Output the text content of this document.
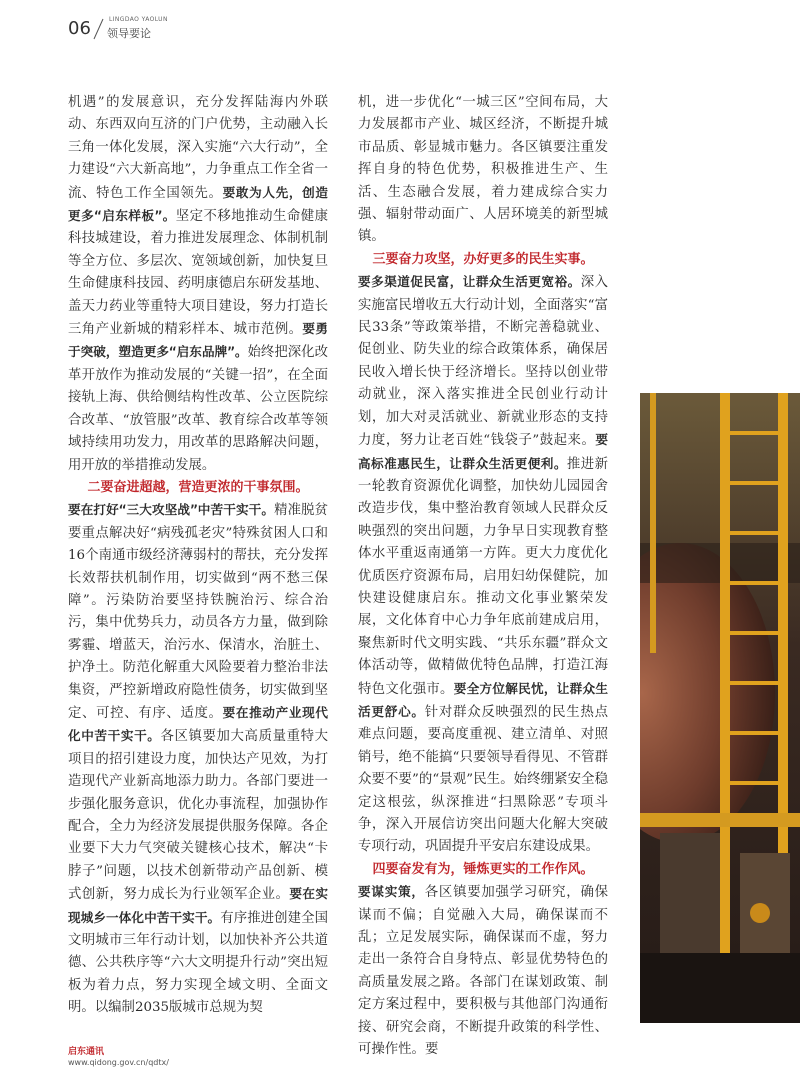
06	LINGDAO YAOLUN
领导要论

机遇”的发展意识，充分发挥陆海内外联动、东西双向互济的门户优势，主动融入长三角一体化发展，深入实施“六大行动”，全力建设“六大新高地”，力争重点工作全省一流、特色工作全国领先。要敢为人先，创造更多“启东样板”。坚定不移地推动生命健康科技城建设，着力推进发展理念、体制机制等全方位、多层次、宽领域创新，加快复旦生命健康科技园、药明康德启东研发基地、盖天力药业等重特大项目建设，努力打造长三角产业新城的精彩样本、城市范例。要勇于突破，塑造更多“启东品牌”。始终把深化改革开放作为推动发展的“关键一招”，在全面接轨上海、供给侧结构性改革、公立医院综合改革、“放管服”改革、教育综合改革等领域持续用功发力，用改革的思路解决问题，用开放的举措推动发展。

二要奋进超越，营造更浓的干事氛围。

要在打好“三大攻坚战”中苦干实干。精准脱贫要重点解决好“病残孤老灾”特殊贫困人口和16个南通市级经济薄弱村的帮扶，充分发挥长效帮扶机制作用，切实做到“两不愁三保障”。污染防治要坚持铁腕治污、综合治污，集中优势兵力，动员各方力量，做到除雾霾、增蓝天，治污水、保清水，治脏土、护净土。防范化解重大风险要着力整治非法集资，严控新增政府隐性债务，切实做到坚定、可控、有序、适度。要在推动产业现代化中苦干实干。各区镇要加大高质量重特大项目的招引建设力度，加快达产见效，为打造现代产业新高地添力助力。各部门要进一步强化服务意识，优化办事流程，加强协作配合，全力为经济发展提供服务保障。各企业要下大力气突破关键核心技术，解决“卡脖子”问题，以技术创新带动产品创新、模式创新，努力成长为行业领军企业。要在实现城乡一体化中苦干实干。有序推进创建全国文明城市三年行动计划，以加快补齐公共道德、公共秩序等“六大文明提升行动”突出短板为着力点，努力实现全域文明、全面文明。以编制2035版城市总规为契

机，进一步优化“一城三区”空间布局，大力发展都市产业、城区经济，不断提升城市品质、彰显城市魅力。各区镇要注重发挥自身的特色优势，积极推进生产、生活、生态融合发展，着力建成综合实力强、辐射带动面广、人居环境美的新型城镇。

三要奋力攻坚，办好更多的民生实事。

要多渠道促民富，让群众生活更宽裕。深入实施富民增收五大行动计划，全面落实“富民33条”等政策举措，不断完善稳就业、促创业、防失业的综合政策体系，确保居民收入增长快于经济增长。坚持以创业带动就业，深入落实推进全民创业行动计划，加大对灵活就业、新就业形态的支持力度，努力让老百姓“钱袋子”鼓起来。要高标准惠民生，让群众生活更便利。推进新一轮教育资源优化调整，加快幼儿园园舍改造步伐，集中整治教育领域人民群众反映强烈的突出问题，力争早日实现教育整体水平重返南通第一方阵。更大力度优化优质医疗资源布局，启用妇幼保健院，加快建设健康启东。推动文化事业繁荣发展，文化体育中心力争年底前建成启用，聚焦新时代文明实践、“共乐东疆”群众文体活动等，做精做优特色品牌，打造江海特色文化强市。要全方位解民忧，让群众生活更舒心。针对群众反映强烈的民生热点难点问题，要高度重视、建立清单、对照销号，绝不能搞“只要领导看得见、不管群众要不要”的“景观”民生。始终绷紧安全稳定这根弦，纵深推进“扫黑除恶”专项斗争，深入开展信访突出问题大化解大突破专项行动，巩固提升平安启东建设成果。

四要奋发有为，锤炼更实的工作作风。

要谋实策，各区镇要加强学习研究，确保谋而不偏；自觉融入大局，确保谋而不乱；立足发展实际，确保谋而不虚，努力走出一条符合自身特点、彰显优势特色的高质量发展之路。各部门在谋划政策、制定方案过程中，要积极与其他部门沟通衔接、研究会商，不断提升政策的科学性、可操作性。要

启东通讯
www.qidong.gov.cn/qdtx/
